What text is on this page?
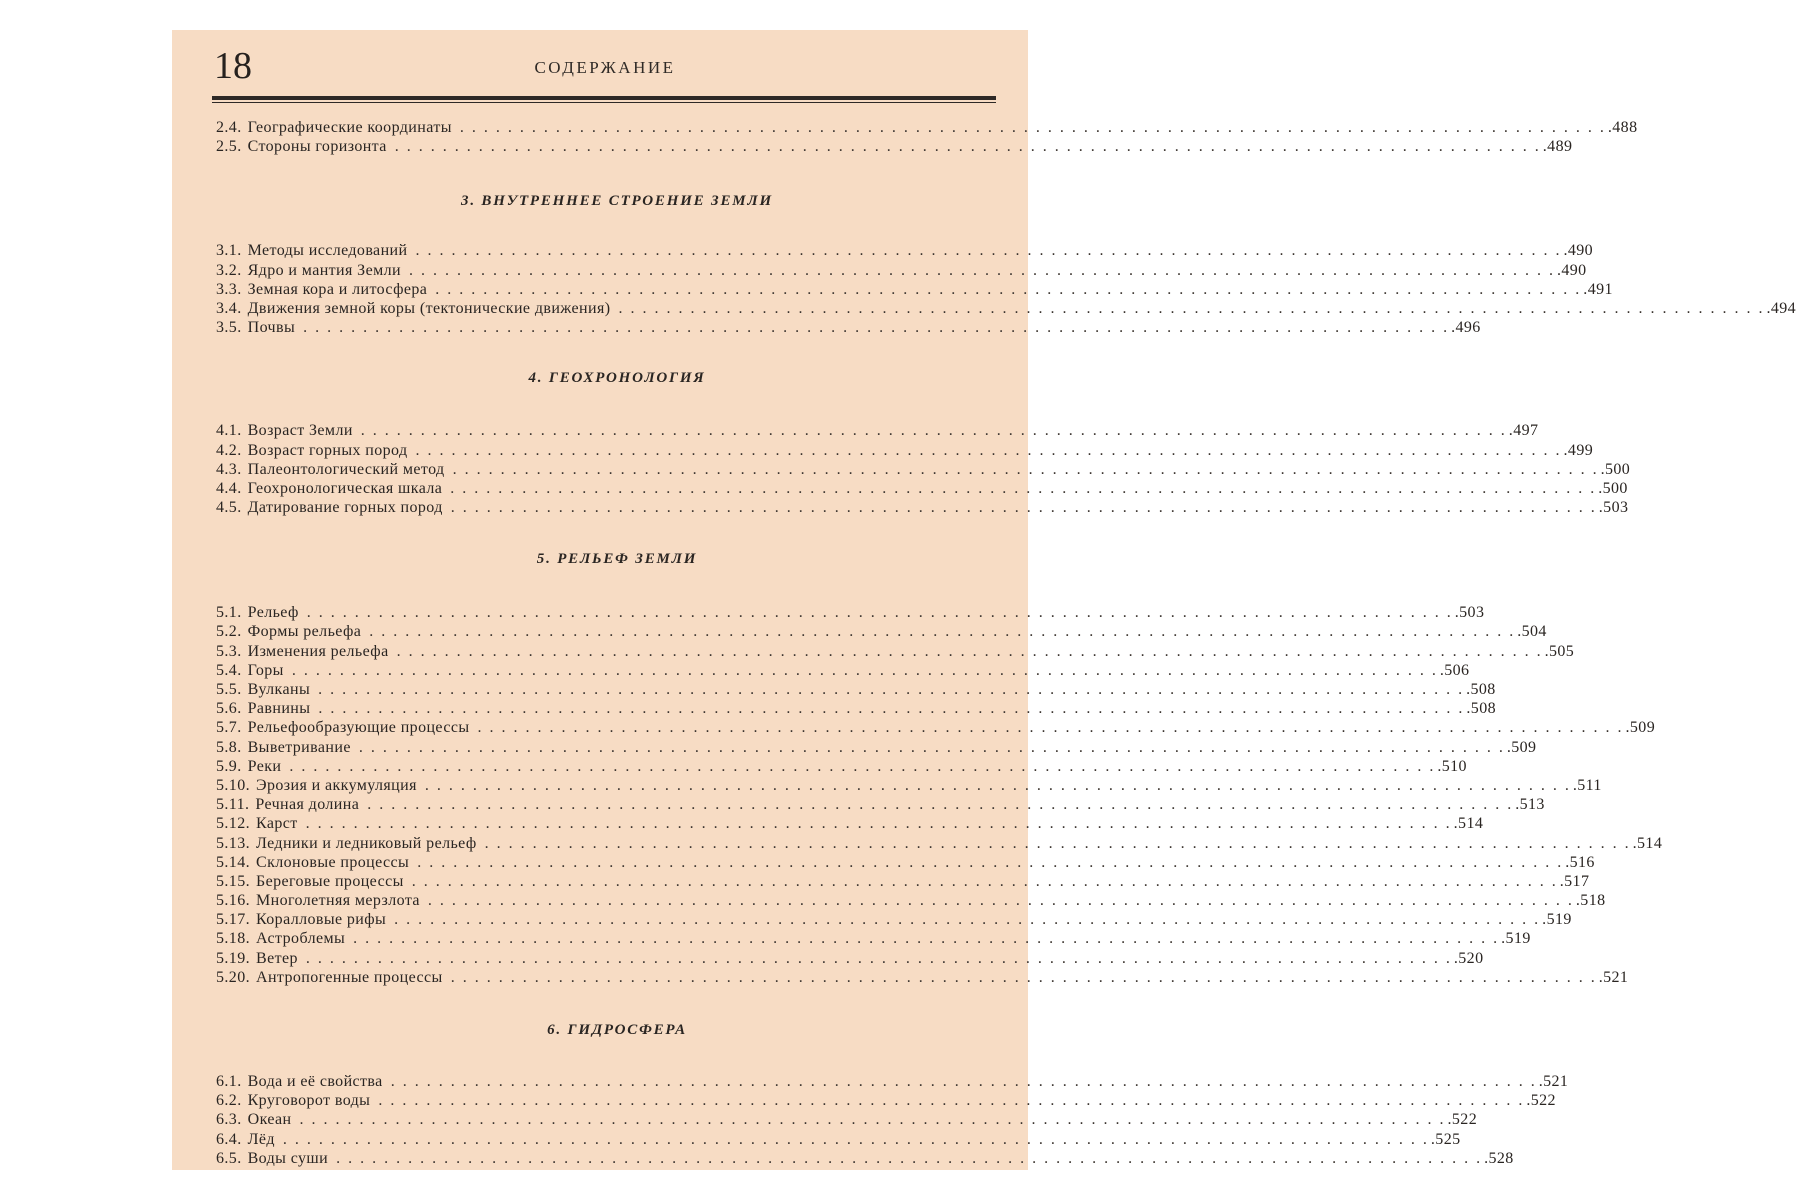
18	СОДЕРЖАНИЕ
2.4. Географические координаты . . . . . . . . . . . . . . . . . . . . . . . . . . . . . . . . . . . . . . . . . . . . . . . . . . . . . . . . . . . . . . . . . . . . . . . . . . . . . . . . . . . . . . . . . . . . . . . . .488
2.5. Стороны горизонта . . . . . . . . . . . . . . . . . . . . . . . . . . . . . . . . . . . . . . . . . . . . . . . . . . . . . . . . . . . . . . . . . . . . . . . . . . . . . . . . . . . . . . . . . . . . . . . . .489
3. ВНУТРЕННЕЕ СТРОЕНИЕ ЗЕМЛИ
3.1. Методы исследований . . . . . . . . . . . . . . . . . . . . . . . . . . . . . . . . . . . . . . . . . . . . . . . . . . . . . . . . . . . . . . . . . . . . . . . . . . . . . . . . . . . . . . . . . . . . . . . . .490
3.2. Ядро и мантия Земли . . . . . . . . . . . . . . . . . . . . . . . . . . . . . . . . . . . . . . . . . . . . . . . . . . . . . . . . . . . . . . . . . . . . . . . . . . . . . . . . . . . . . . . . . . . . . . . . .490
3.3. Земная кора и литосфера . . . . . . . . . . . . . . . . . . . . . . . . . . . . . . . . . . . . . . . . . . . . . . . . . . . . . . . . . . . . . . . . . . . . . . . . . . . . . . . . . . . . . . . . . . . . . . . . .491
3.4. Движения земной коры (тектонические движения) . . . . . . . . . . . . . . . . . . . . . . . . . . . . . . . . . . . . . . . . . . . . . . . . . . . . . . . . . . . . . . . . . . . . . . . . . . . . . . . . . . . . . . . . . . . . . . . . .494
3.5. Почвы . . . . . . . . . . . . . . . . . . . . . . . . . . . . . . . . . . . . . . . . . . . . . . . . . . . . . . . . . . . . . . . . . . . . . . . . . . . . . . . . . . . . . . . . . . . . . . . . .496
4. ГЕОХРОНОЛОГИЯ
4.1. Возраст Земли . . . . . . . . . . . . . . . . . . . . . . . . . . . . . . . . . . . . . . . . . . . . . . . . . . . . . . . . . . . . . . . . . . . . . . . . . . . . . . . . . . . . . . . . . . . . . . . . .497
4.2. Возраст горных пород . . . . . . . . . . . . . . . . . . . . . . . . . . . . . . . . . . . . . . . . . . . . . . . . . . . . . . . . . . . . . . . . . . . . . . . . . . . . . . . . . . . . . . . . . . . . . . . . .499
4.3. Палеонтологический метод . . . . . . . . . . . . . . . . . . . . . . . . . . . . . . . . . . . . . . . . . . . . . . . . . . . . . . . . . . . . . . . . . . . . . . . . . . . . . . . . . . . . . . . . . . . . . . . . .500
4.4. Геохронологическая шкала . . . . . . . . . . . . . . . . . . . . . . . . . . . . . . . . . . . . . . . . . . . . . . . . . . . . . . . . . . . . . . . . . . . . . . . . . . . . . . . . . . . . . . . . . . . . . . . . .500
4.5. Датирование горных пород . . . . . . . . . . . . . . . . . . . . . . . . . . . . . . . . . . . . . . . . . . . . . . . . . . . . . . . . . . . . . . . . . . . . . . . . . . . . . . . . . . . . . . . . . . . . . . . . .503
5. РЕЛЬЕФ ЗЕМЛИ
5.1. Рельеф . . . . . . . . . . . . . . . . . . . . . . . . . . . . . . . . . . . . . . . . . . . . . . . . . . . . . . . . . . . . . . . . . . . . . . . . . . . . . . . . . . . . . . . . . . . . . . . . .503
5.2. Формы рельефа . . . . . . . . . . . . . . . . . . . . . . . . . . . . . . . . . . . . . . . . . . . . . . . . . . . . . . . . . . . . . . . . . . . . . . . . . . . . . . . . . . . . . . . . . . . . . . . . .504
5.3. Изменения рельефа . . . . . . . . . . . . . . . . . . . . . . . . . . . . . . . . . . . . . . . . . . . . . . . . . . . . . . . . . . . . . . . . . . . . . . . . . . . . . . . . . . . . . . . . . . . . . . . . .505
5.4. Горы . . . . . . . . . . . . . . . . . . . . . . . . . . . . . . . . . . . . . . . . . . . . . . . . . . . . . . . . . . . . . . . . . . . . . . . . . . . . . . . . . . . . . . . . . . . . . . . . .506
5.5. Вулканы . . . . . . . . . . . . . . . . . . . . . . . . . . . . . . . . . . . . . . . . . . . . . . . . . . . . . . . . . . . . . . . . . . . . . . . . . . . . . . . . . . . . . . . . . . . . . . . . .508
5.6. Равнины . . . . . . . . . . . . . . . . . . . . . . . . . . . . . . . . . . . . . . . . . . . . . . . . . . . . . . . . . . . . . . . . . . . . . . . . . . . . . . . . . . . . . . . . . . . . . . . . .508
5.7. Рельефообразующие процессы . . . . . . . . . . . . . . . . . . . . . . . . . . . . . . . . . . . . . . . . . . . . . . . . . . . . . . . . . . . . . . . . . . . . . . . . . . . . . . . . . . . . . . . . . . . . . . . . .509
5.8. Выветривание . . . . . . . . . . . . . . . . . . . . . . . . . . . . . . . . . . . . . . . . . . . . . . . . . . . . . . . . . . . . . . . . . . . . . . . . . . . . . . . . . . . . . . . . . . . . . . . . .509
5.9. Реки . . . . . . . . . . . . . . . . . . . . . . . . . . . . . . . . . . . . . . . . . . . . . . . . . . . . . . . . . . . . . . . . . . . . . . . . . . . . . . . . . . . . . . . . . . . . . . . . .510
5.10. Эрозия и аккумуляция . . . . . . . . . . . . . . . . . . . . . . . . . . . . . . . . . . . . . . . . . . . . . . . . . . . . . . . . . . . . . . . . . . . . . . . . . . . . . . . . . . . . . . . . . . . . . . . . .511
5.11. Речная долина . . . . . . . . . . . . . . . . . . . . . . . . . . . . . . . . . . . . . . . . . . . . . . . . . . . . . . . . . . . . . . . . . . . . . . . . . . . . . . . . . . . . . . . . . . . . . . . . .513
5.12. Карст . . . . . . . . . . . . . . . . . . . . . . . . . . . . . . . . . . . . . . . . . . . . . . . . . . . . . . . . . . . . . . . . . . . . . . . . . . . . . . . . . . . . . . . . . . . . . . . . .514
5.13. Ледники и ледниковый рельеф . . . . . . . . . . . . . . . . . . . . . . . . . . . . . . . . . . . . . . . . . . . . . . . . . . . . . . . . . . . . . . . . . . . . . . . . . . . . . . . . . . . . . . . . . . . . . . . . .514
5.14. Склоновые процессы . . . . . . . . . . . . . . . . . . . . . . . . . . . . . . . . . . . . . . . . . . . . . . . . . . . . . . . . . . . . . . . . . . . . . . . . . . . . . . . . . . . . . . . . . . . . . . . . .516
5.15. Береговые процессы . . . . . . . . . . . . . . . . . . . . . . . . . . . . . . . . . . . . . . . . . . . . . . . . . . . . . . . . . . . . . . . . . . . . . . . . . . . . . . . . . . . . . . . . . . . . . . . . .517
5.16. Многолетняя мерзлота . . . . . . . . . . . . . . . . . . . . . . . . . . . . . . . . . . . . . . . . . . . . . . . . . . . . . . . . . . . . . . . . . . . . . . . . . . . . . . . . . . . . . . . . . . . . . . . . .518
5.17. Коралловые рифы . . . . . . . . . . . . . . . . . . . . . . . . . . . . . . . . . . . . . . . . . . . . . . . . . . . . . . . . . . . . . . . . . . . . . . . . . . . . . . . . . . . . . . . . . . . . . . . . .519
5.18. Астроблемы . . . . . . . . . . . . . . . . . . . . . . . . . . . . . . . . . . . . . . . . . . . . . . . . . . . . . . . . . . . . . . . . . . . . . . . . . . . . . . . . . . . . . . . . . . . . . . . . .519
5.19. Ветер . . . . . . . . . . . . . . . . . . . . . . . . . . . . . . . . . . . . . . . . . . . . . . . . . . . . . . . . . . . . . . . . . . . . . . . . . . . . . . . . . . . . . . . . . . . . . . . . .520
5.20. Антропогенные процессы . . . . . . . . . . . . . . . . . . . . . . . . . . . . . . . . . . . . . . . . . . . . . . . . . . . . . . . . . . . . . . . . . . . . . . . . . . . . . . . . . . . . . . . . . . . . . . . . .521
6. ГИДРОСФЕРА
6.1. Вода и её свойства . . . . . . . . . . . . . . . . . . . . . . . . . . . . . . . . . . . . . . . . . . . . . . . . . . . . . . . . . . . . . . . . . . . . . . . . . . . . . . . . . . . . . . . . . . . . . . . . .521
6.2. Круговорот воды . . . . . . . . . . . . . . . . . . . . . . . . . . . . . . . . . . . . . . . . . . . . . . . . . . . . . . . . . . . . . . . . . . . . . . . . . . . . . . . . . . . . . . . . . . . . . . . . .522
6.3. Океан . . . . . . . . . . . . . . . . . . . . . . . . . . . . . . . . . . . . . . . . . . . . . . . . . . . . . . . . . . . . . . . . . . . . . . . . . . . . . . . . . . . . . . . . . . . . . . . . .522
6.4. Лёд . . . . . . . . . . . . . . . . . . . . . . . . . . . . . . . . . . . . . . . . . . . . . . . . . . . . . . . . . . . . . . . . . . . . . . . . . . . . . . . . . . . . . . . . . . . . . . . . .525
6.5. Воды суши . . . . . . . . . . . . . . . . . . . . . . . . . . . . . . . . . . . . . . . . . . . . . . . . . . . . . . . . . . . . . . . . . . . . . . . . . . . . . . . . . . . . . . . . . . . . . . . . .528
